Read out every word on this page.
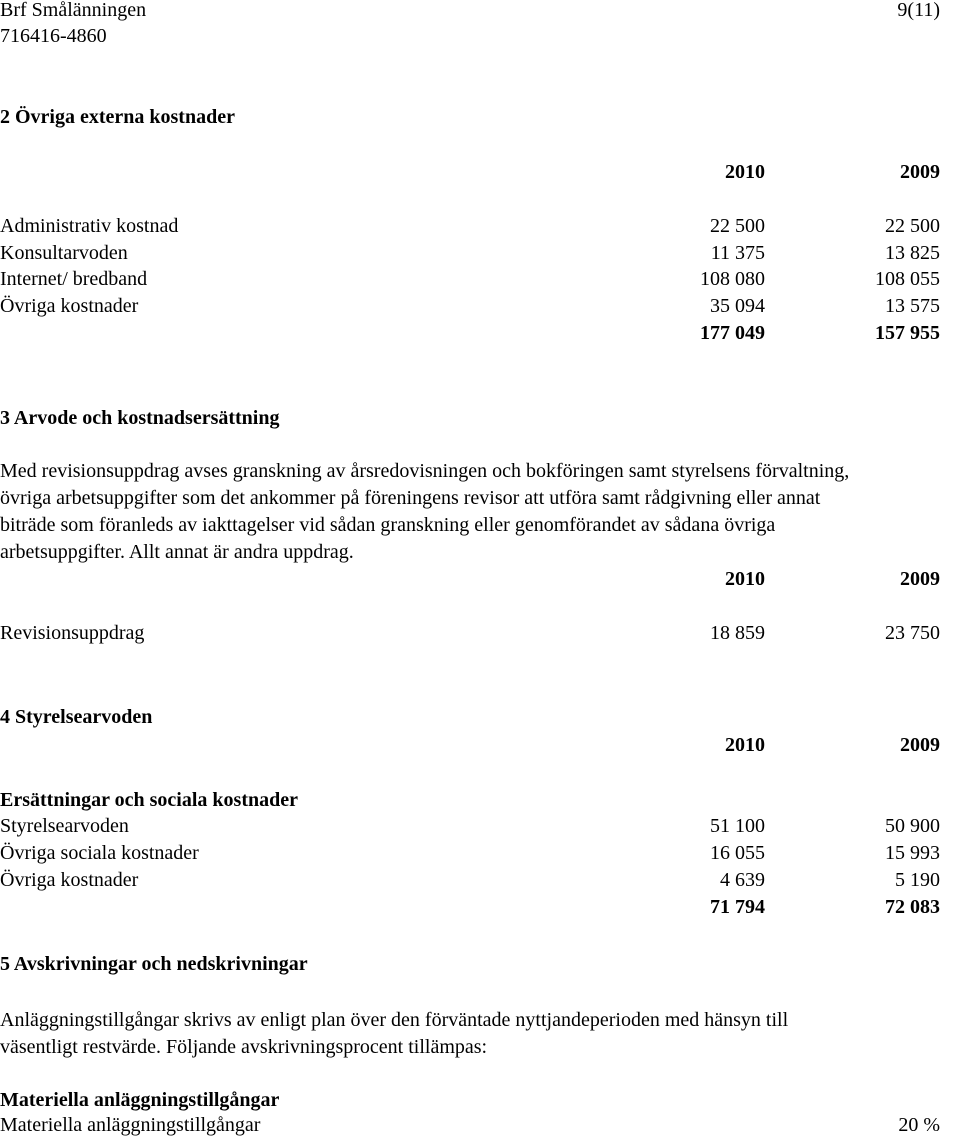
Brf Smålänningen
716416-4860
9(11)
2 Övriga externa kostnader
2010	2009
Administrativ kostnad	22 500	22 500
Konsultarvoden	11 375	13 825
Internet/ bredband	108 080	108 055
Övriga kostnader	35 094	13 575
177 049	157 955
3 Arvode och kostnadsersättning
Med revisionsuppdrag avses granskning av årsredovisningen och bokföringen samt styrelsens förvaltning,
övriga arbetsuppgifter som det ankommer på föreningens revisor att utföra samt rådgivning eller annat
biträde som föranleds av iakttagelser vid sådan granskning eller genomförandet av sådana övriga
arbetsuppgifter. Allt annat är andra uppdrag.
2010	2009
Revisionsuppdrag	18 859	23 750
4 Styrelsearvoden
2010	2009
Ersättningar och sociala kostnader
Styrelsearvoden	51 100	50 900
Övriga sociala kostnader	16 055	15 993
Övriga kostnader	4 639	5 190
71 794	72 083
5 Avskrivningar och nedskrivningar
Anläggningstillgångar skrivs av enligt plan över den förväntade nyttjandeperioden med hänsyn till
väsentligt restvärde. Följande avskrivningsprocent tillämpas:
Materiella anläggningstillgångar
Materiella anläggningstillgångar	20 %
